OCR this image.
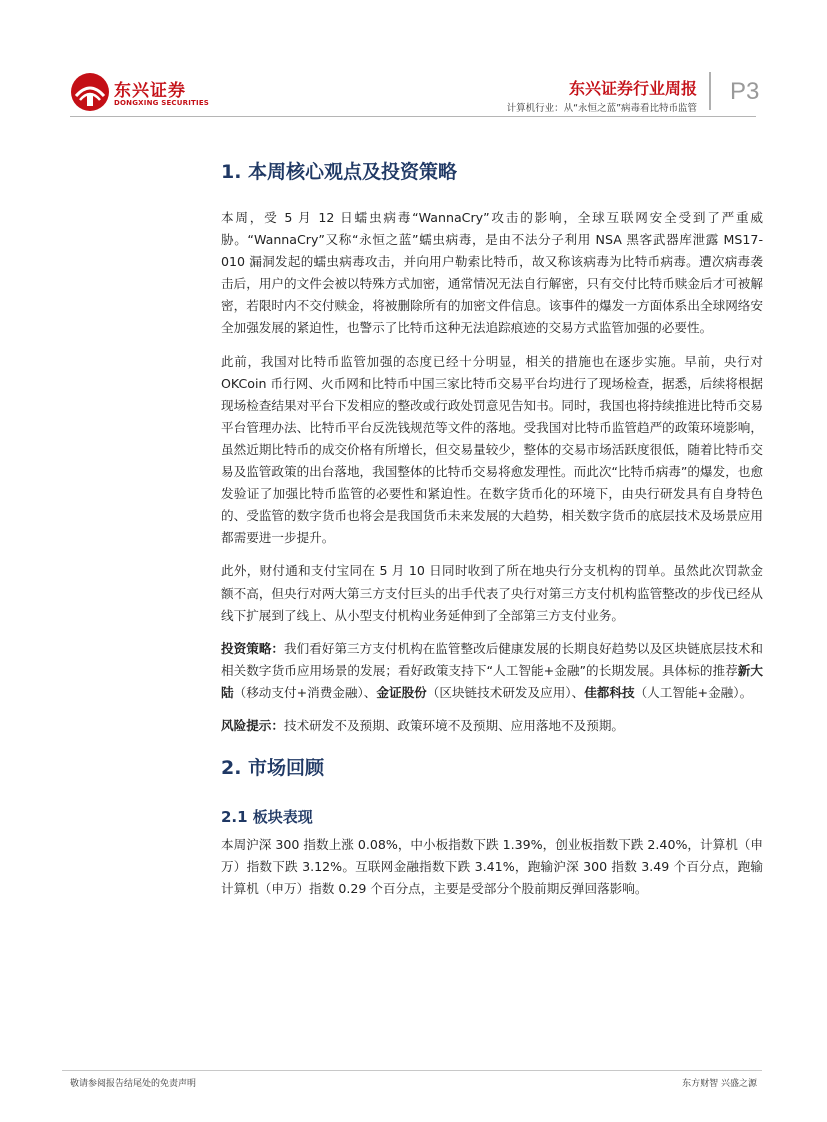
东兴证券
DONGXING SECURITIES
东兴证券行业周报
计算机行业：从“永恒之蓝”病毒看比特币监管
P3
1. 本周核心观点及投资策略

本周，受 5 月 12 日蠕虫病毒“WannaCry”攻击的影响，全球互联网安全受到了严重威胁。“WannaCry”又称“永恒之蓝”蠕虫病毒，是由不法分子利用 NSA 黑客武器库泄露 MS17-010 漏洞发起的蠕虫病毒攻击，并向用户勒索比特币，故又称该病毒为比特币病毒。遭次病毒袭击后，用户的文件会被以特殊方式加密，通常情况无法自行解密，只有交付比特币赎金后才可被解密，若限时内不交付赎金，将被删除所有的加密文件信息。该事件的爆发一方面体系出全球网络安全加强发展的紧迫性，也警示了比特币这种无法追踪痕迹的交易方式监管加强的必要性。

此前，我国对比特币监管加强的态度已经十分明显，相关的措施也在逐步实施。早前，央行对 OKCoin 币行网、火币网和比特币中国三家比特币交易平台均进行了现场检查，据悉，后续将根据现场检查结果对平台下发相应的整改或行政处罚意见告知书。同时，我国也将持续推进比特币交易平台管理办法、比特币平台反洗钱规范等文件的落地。受我国对比特币监管趋严的政策环境影响，虽然近期比特币的成交价格有所增长，但交易量较少，整体的交易市场活跃度很低，随着比特币交易及监管政策的出台落地，我国整体的比特币交易将愈发理性。而此次“比特币病毒”的爆发，也愈发验证了加强比特币监管的必要性和紧迫性。在数字货币化的环境下，由央行研发具有自身特色的、受监管的数字货币也将会是我国货币未来发展的大趋势，相关数字货币的底层技术及场景应用都需要进一步提升。

此外，财付通和支付宝同在 5 月 10 日同时收到了所在地央行分支机构的罚单。虽然此次罚款金额不高，但央行对两大第三方支付巨头的出手代表了央行对第三方支付机构监管整改的步伐已经从线下扩展到了线上、从小型支付机构业务延伸到了全部第三方支付业务。

投资策略：我们看好第三方支付机构在监管整改后健康发展的长期良好趋势以及区块链底层技术和相关数字货币应用场景的发展；看好政策支持下“人工智能+金融”的长期发展。具体标的推荐新大陆（移动支付+消费金融）、金证股份（区块链技术研发及应用）、佳都科技（人工智能+金融）。

风险提示：技术研发不及预期、政策环境不及预期、应用落地不及预期。

2. 市场回顾
2.1 板块表现

本周沪深 300 指数上涨 0.08%，中小板指数下跌 1.39%，创业板指数下跌 2.40%，计算机（申万）指数下跌 3.12%。互联网金融指数下跌 3.41%，跑输沪深 300 指数 3.49 个百分点，跑输计算机（申万）指数 0.29 个百分点，主要是受部分个股前期反弹回落影响。

敬请参阅报告结尾处的免责声明	东方财智 兴盛之源
